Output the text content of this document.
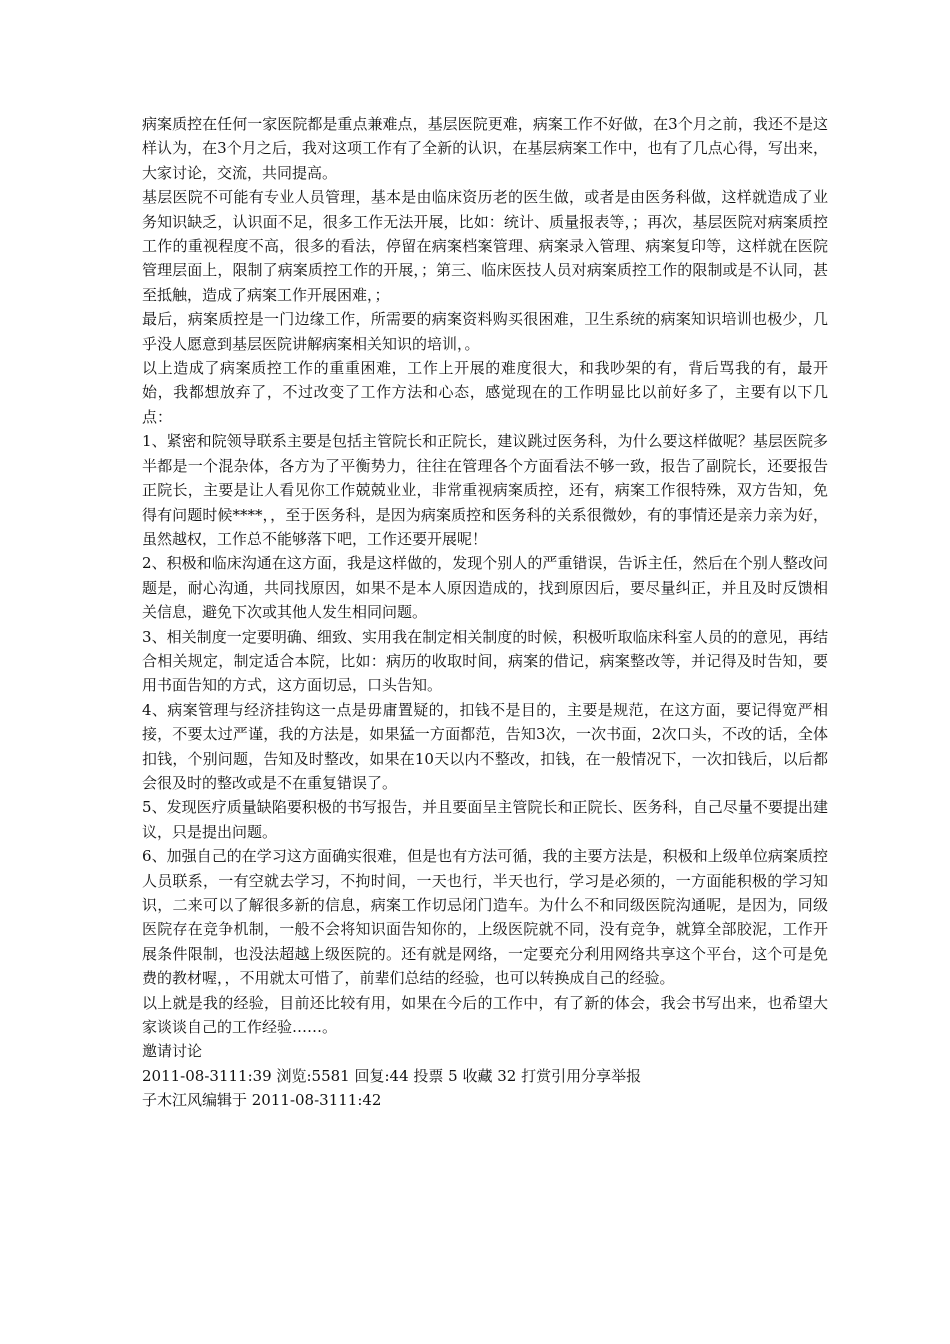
病案质控在任何一家医院都是重点兼难点，基层医院更难，病案工作不好做，在3个月之前，我还不是这样认为，在3个月之后，我对这项工作有了全新的认识，在基层病案工作中，也有了几点心得，写出来，大家讨论，交流，共同提高。

基层医院不可能有专业人员管理，基本是由临床资历老的医生做，或者是由医务科做，这样就造成了业务知识缺乏，认识面不足，很多工作无法开展，比如：统计、质量报表等，；再次，基层医院对病案质控工作的重视程度不高，很多的看法，停留在病案档案管理、病案录入管理、病案复印等，这样就在医院管理层面上，限制了病案质控工作的开展，；第三、临床医技人员对病案质控工作的限制或是不认同，甚至抵触，造成了病案工作开展困难，；

最后，病案质控是一门边缘工作，所需要的病案资料购买很困难，卫生系统的病案知识培训也极少，几乎没人愿意到基层医院讲解病案相关知识的培训，。

以上造成了病案质控工作的重重困难，工作上开展的难度很大，和我吵架的有，背后骂我的有，最开始，我都想放弃了，不过改变了工作方法和心态，感觉现在的工作明显比以前好多了，主要有以下几点：

1、紧密和院领导联系主要是包括主管院长和正院长，建议跳过医务科，为什么要这样做呢？基层医院多半都是一个混杂体，各方为了平衡势力，往往在管理各个方面看法不够一致，报告了副院长，还要报告正院长，主要是让人看见你工作兢兢业业，非常重视病案质控，还有，病案工作很特殊，双方告知，免得有问题时候****，，至于医务科，是因为病案质控和医务科的关系很微妙，有的事情还是亲力亲为好，虽然越权，工作总不能够落下吧，工作还要开展呢！

2、积极和临床沟通在这方面，我是这样做的，发现个别人的严重错误，告诉主任，然后在个别人整改问题是，耐心沟通，共同找原因，如果不是本人原因造成的，找到原因后，要尽量纠正，并且及时反馈相关信息，避免下次或其他人发生相同问题。

3、相关制度一定要明确、细致、实用我在制定相关制度的时候，积极听取临床科室人员的的意见，再结合相关规定，制定适合本院，比如：病历的收取时间，病案的借记，病案整改等，并记得及时告知，要用书面告知的方式，这方面切忌，口头告知。

4、病案管理与经济挂钩这一点是毋庸置疑的，扣钱不是目的，主要是规范，在这方面，要记得宽严相接，不要太过严谨，我的方法是，如果猛一方面都范，告知3次，一次书面，2次口头，不改的话，全体扣钱，个别问题，告知及时整改，如果在10天以内不整改，扣钱，在一般情况下，一次扣钱后，以后都会很及时的整改或是不在重复错误了。

5、发现医疗质量缺陷要积极的书写报告，并且要面呈主管院长和正院长、医务科，自己尽量不要提出建议，只是提出问题。

6、加强自己的在学习这方面确实很难，但是也有方法可循，我的主要方法是，积极和上级单位病案质控人员联系，一有空就去学习，不拘时间，一天也行，半天也行，学习是必须的，一方面能积极的学习知识，二来可以了解很多新的信息，病案工作切忌闭门造车。为什么不和同级医院沟通呢，是因为，同级医院存在竞争机制，一般不会将知识面告知你的，上级医院就不同，没有竞争，就算全部胶泥，工作开展条件限制，也没法超越上级医院的。还有就是网络，一定要充分利用网络共享这个平台，这个可是免费的教材喔，，不用就太可惜了，前辈们总结的经验，也可以转换成自己的经验。

以上就是我的经验，目前还比较有用，如果在今后的工作中，有了新的体会，我会书写出来，也希望大家谈谈自己的工作经验……。

邀请讨论

2011-08-3111:39 浏览:5581 回复:44 投票 5 收藏 32 打赏引用分享举报

子木江风编辑于 2011-08-3111:42
